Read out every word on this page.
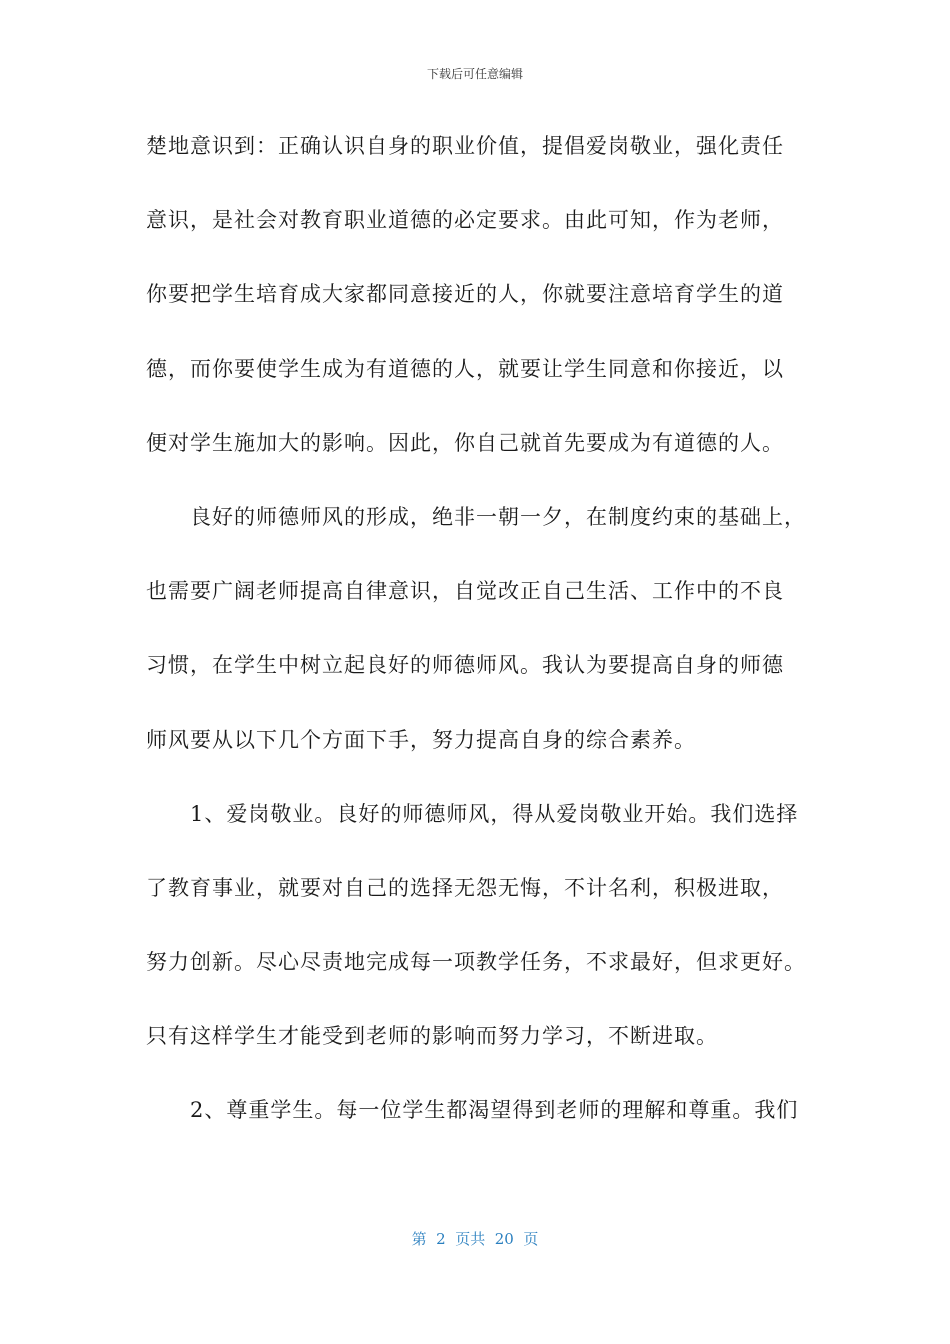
下载后可任意编辑
楚地意识到：正确认识自身的职业价值，提倡爱岗敬业，强化责任
意识，是社会对教育职业道德的必定要求。由此可知，作为老师，
你要把学生培育成大家都同意接近的人，你就要注意培育学生的道
德，而你要使学生成为有道德的人，就要让学生同意和你接近，以
便对学生施加大的影响。因此，你自己就首先要成为有道德的人。
良好的师德师风的形成，绝非一朝一夕，在制度约束的基础上，
也需要广阔老师提高自律意识，自觉改正自己生活、工作中的不良
习惯，在学生中树立起良好的师德师风。我认为要提高自身的师德
师风要从以下几个方面下手，努力提高自身的综合素养。
1、爱岗敬业。良好的师德师风，得从爱岗敬业开始。我们选择
了教育事业，就要对自己的选择无怨无悔，不计名利，积极进取，
努力创新。尽心尽责地完成每一项教学任务，不求最好，但求更好。
只有这样学生才能受到老师的影响而努力学习，不断进取。
2、尊重学生。每一位学生都渴望得到老师的理解和尊重。我们
第  2  页共  20  页
